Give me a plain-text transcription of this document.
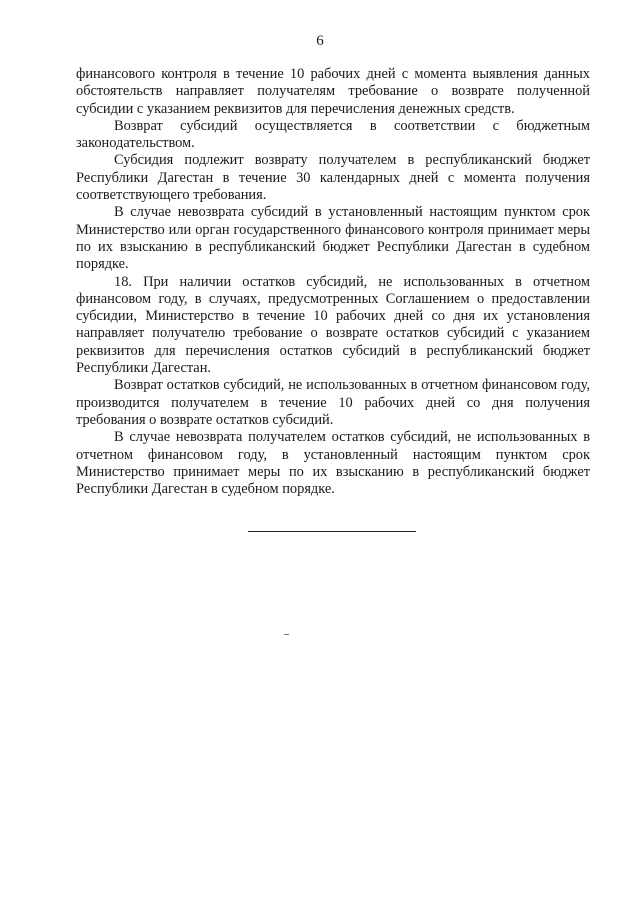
6

финансового контроля в течение 10 рабочих дней с момента выявления данных обстоятельств направляет получателям требование о возврате полученной субсидии с указанием реквизитов для перечисления денежных средств.

Возврат субсидий осуществляется в соответствии с бюджетным законодательством.

Субсидия подлежит возврату получателем в республиканский бюджет Республики Дагестан в течение 30 календарных дней с момента получения соответствующего требования.

В случае невозврата субсидий в установленный настоящим пунктом срок Министерство или орган государственного финансового контроля принимает меры по их взысканию в республиканский бюджет Республики Дагестан в судебном порядке.

18. При наличии остатков субсидий, не использованных в отчетном финансовом году, в случаях, предусмотренных Соглашением о предоставлении субсидии, Министерство в течение 10 рабочих дней со дня их установления направляет получателю требование о возврате остатков субсидий с указанием реквизитов для перечисления остатков субсидий в республиканский бюджет Республики Дагестан.

Возврат остатков субсидий, не использованных в отчетном финансовом году, производится получателем в течение 10 рабочих дней со дня получения требования о возврате остатков субсидий.

В случае невозврата получателем остатков субсидий, не использованных в отчетном финансовом году, в установленный настоящим пунктом срок Министерство принимает меры по их взысканию в республиканский бюджет Республики Дагестан в судебном порядке.
